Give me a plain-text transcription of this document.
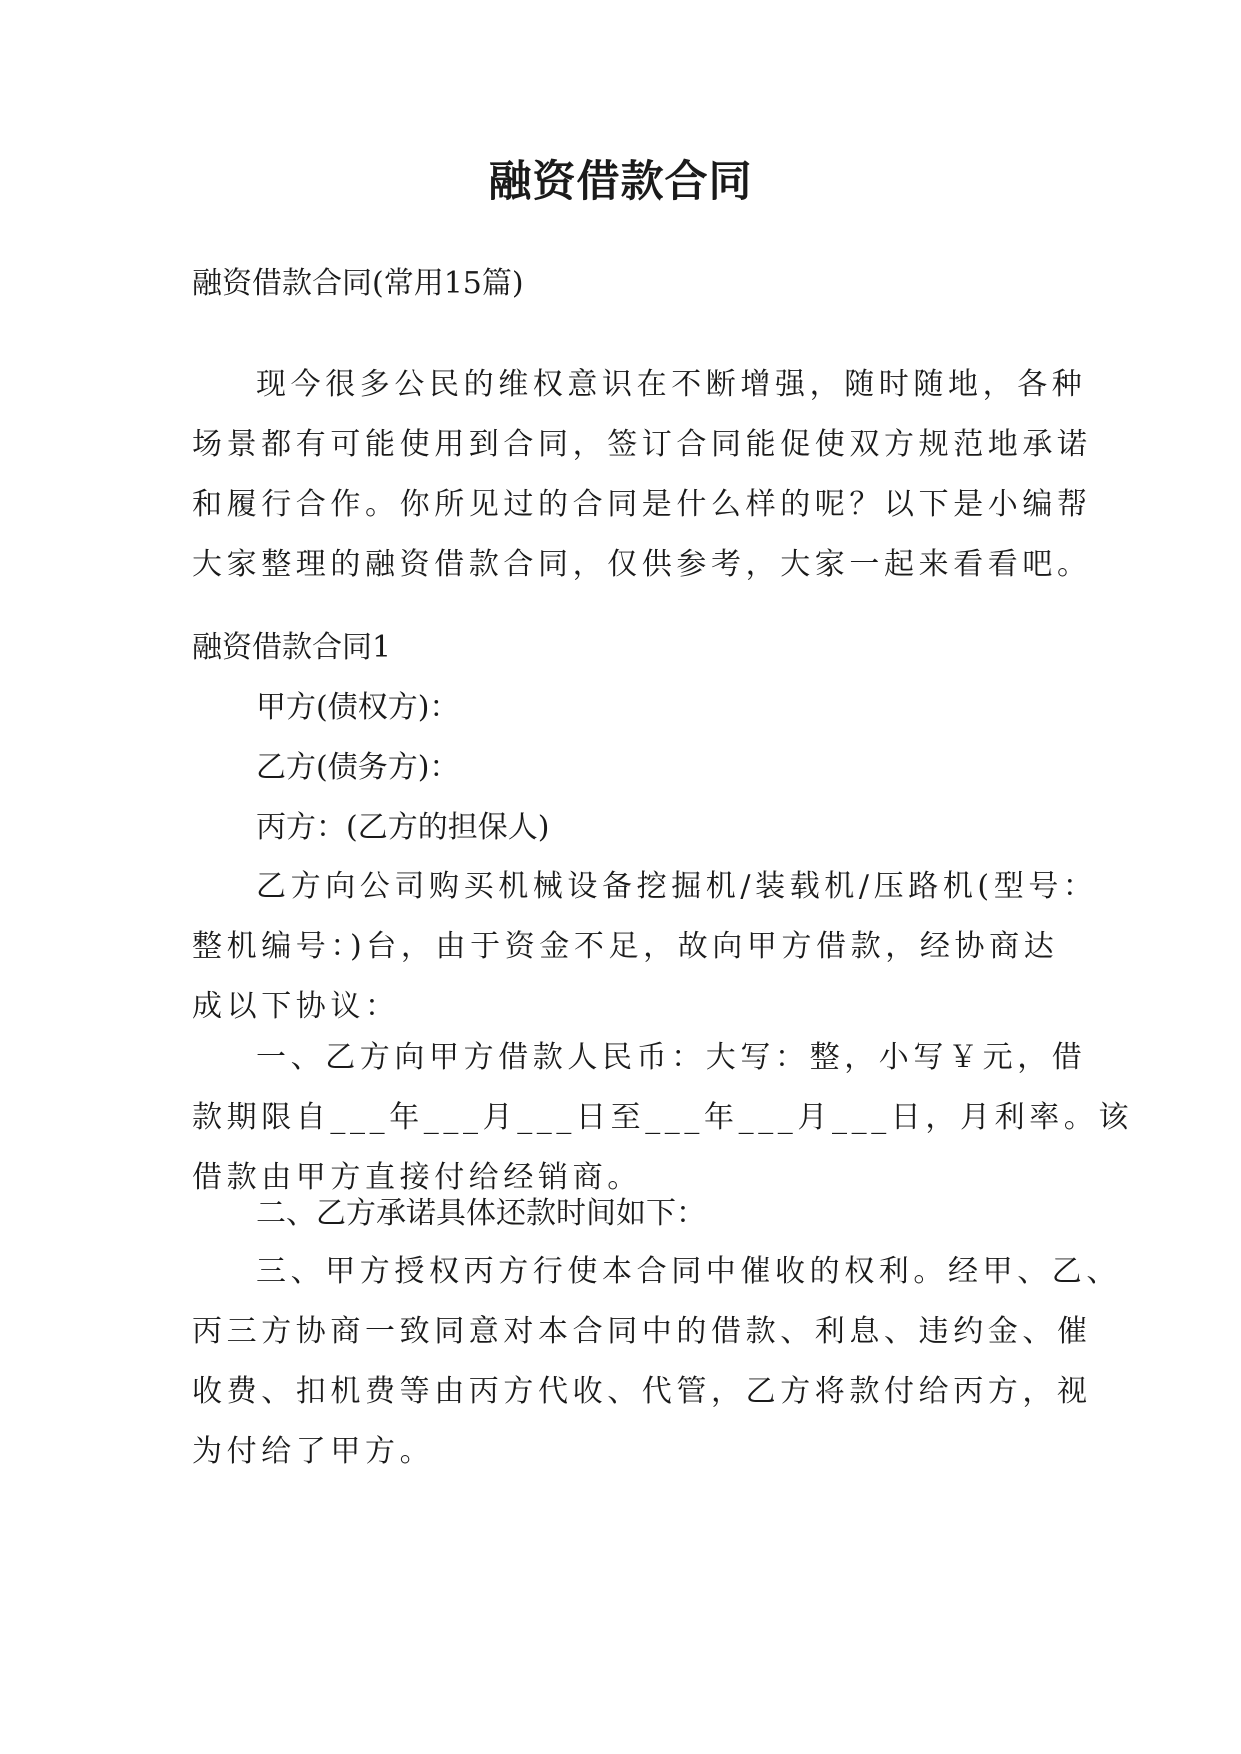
融资借款合同
融资借款合同(常用15篇)
现今很多公民的维权意识在不断增强，随时随地，各种
场景都有可能使用到合同，签订合同能促使双方规范地承诺
和履行合作。你所见过的合同是什么样的呢？以下是小编帮
大家整理的融资借款合同，仅供参考，大家一起来看看吧。
融资借款合同1
甲方(债权方)：
乙方(债务方)：
丙方：(乙方的担保人)
乙方向公司购买机械设备挖掘机/装载机/压路机(型号：
整机编号：)台，由于资金不足，故向甲方借款，经协商达
成以下协议：
一、乙方向甲方借款人民币：大写：整，小写￥元，借
款期限自___年___月___日至___年___月___日，月利率。该
借款由甲方直接付给经销商。
二、乙方承诺具体还款时间如下：
三、甲方授权丙方行使本合同中催收的权利。经甲、乙、
丙三方协商一致同意对本合同中的借款、利息、违约金、催
收费、扣机费等由丙方代收、代管，乙方将款付给丙方，视
为付给了甲方。
